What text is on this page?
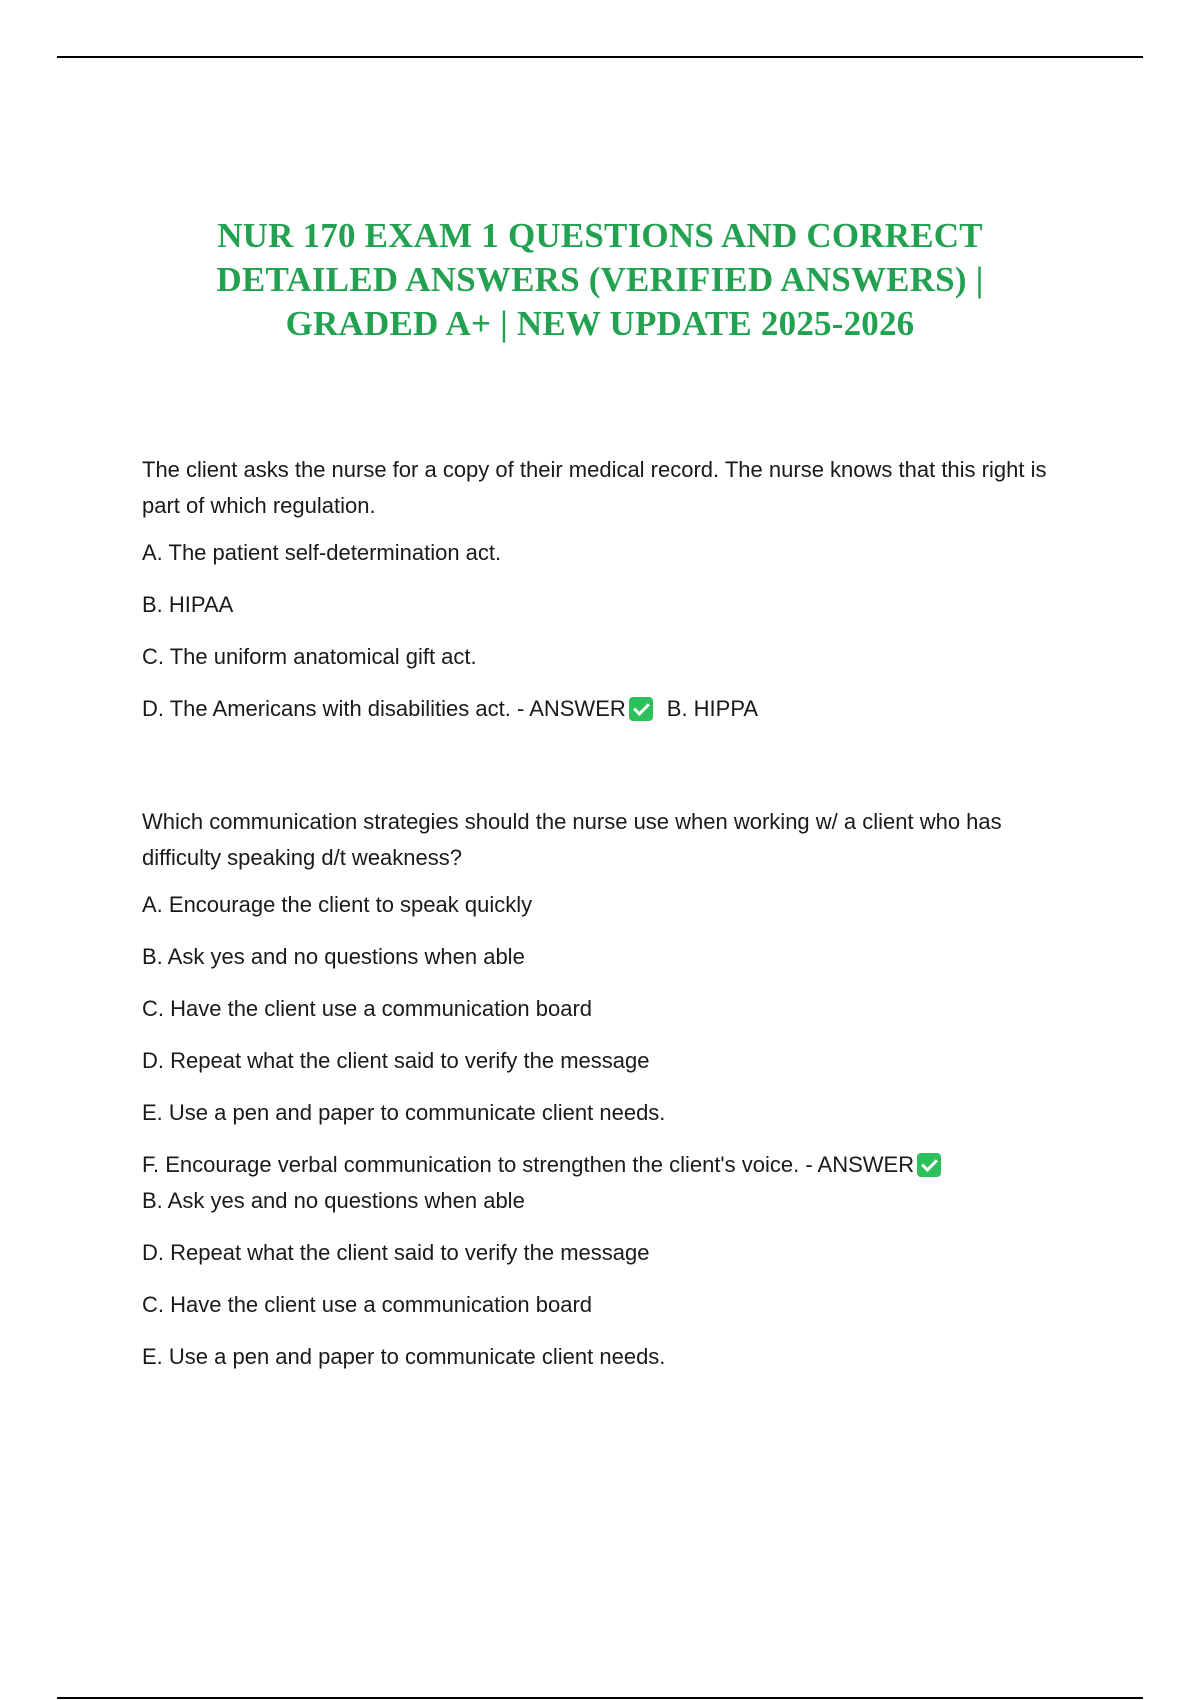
NUR 170 EXAM 1 QUESTIONS AND CORRECT
DETAILED ANSWERS (VERIFIED ANSWERS) |
GRADED A+ | NEW UPDATE 2025-2026
The client asks the nurse for a copy of their medical record. The nurse knows that this right is part of which regulation.
A. The patient self-determination act.
B. HIPAA
C. The uniform anatomical gift act.
D. The Americans with disabilities act. - ANSWER B. HIPPA
Which communication strategies should the nurse use when working w/ a client who has difficulty speaking d/t weakness?
A. Encourage the client to speak quickly
B. Ask yes and no questions when able
C. Have the client use a communication board
D. Repeat what the client said to verify the message
E. Use a pen and paper to communicate client needs.
F. Encourage verbal communication to strengthen the client's voice. - ANSWER
B. Ask yes and no questions when able
D. Repeat what the client said to verify the message
C. Have the client use a communication board
E. Use a pen and paper to communicate client needs.
